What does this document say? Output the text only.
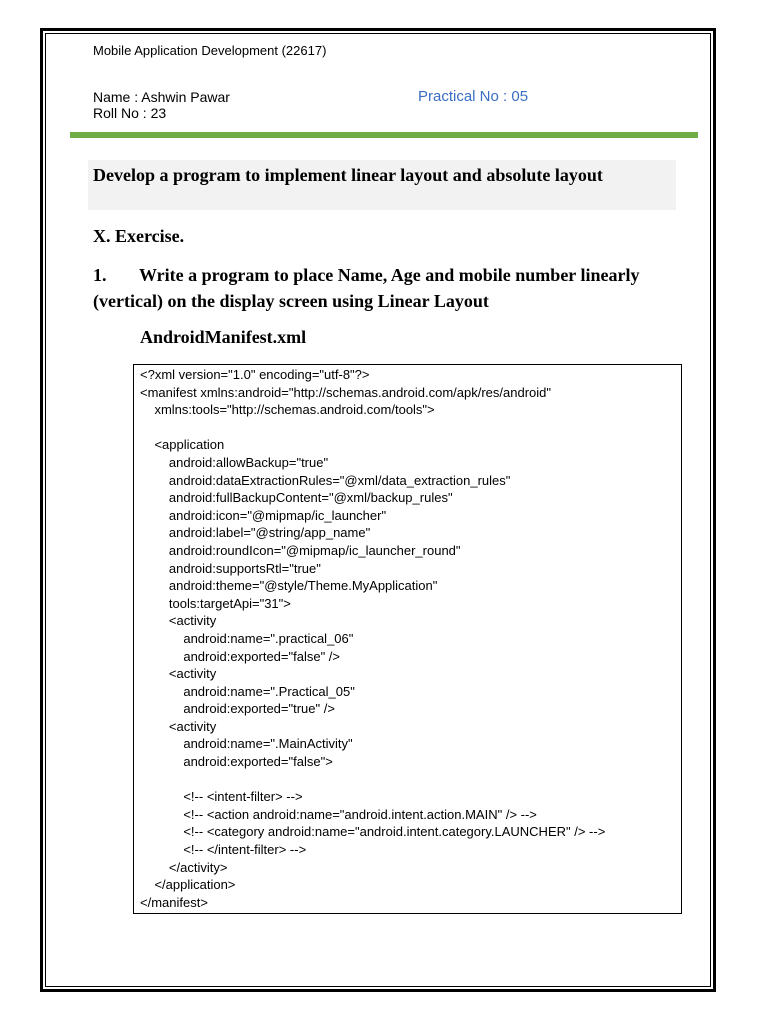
Mobile Application Development (22617)
Name : Ashwin Pawar
Roll No : 23
Practical No : 05
Develop a program to implement linear layout and absolute layout
X. Exercise.
1. Write a program to place Name, Age and mobile number linearly (vertical) on the display screen using Linear Layout
AndroidManifest.xml
<?xml version="1.0" encoding="utf-8"?>
<manifest xmlns:android="http://schemas.android.com/apk/res/android"
xmlns:tools="http://schemas.android.com/tools">
<application
android:allowBackup="true"
android:dataExtractionRules="@xml/data_extraction_rules"
android:fullBackupContent="@xml/backup_rules"
android:icon="@mipmap/ic_launcher"
android:label="@string/app_name"
android:roundIcon="@mipmap/ic_launcher_round"
android:supportsRtl="true"
android:theme="@style/Theme.MyApplication"
tools:targetApi="31">
<activity
android:name=".practical_06"
android:exported="false" />
<activity
android:name=".Practical_05"
android:exported="true" />
<activity
android:name=".MainActivity"
android:exported="false">
<!-- <intent-filter> -->
<!-- <action android:name="android.intent.action.MAIN" /> -->
<!-- <category android:name="android.intent.category.LAUNCHER" /> -->
<!-- </intent-filter> -->
</activity>
</application>
</manifest>
